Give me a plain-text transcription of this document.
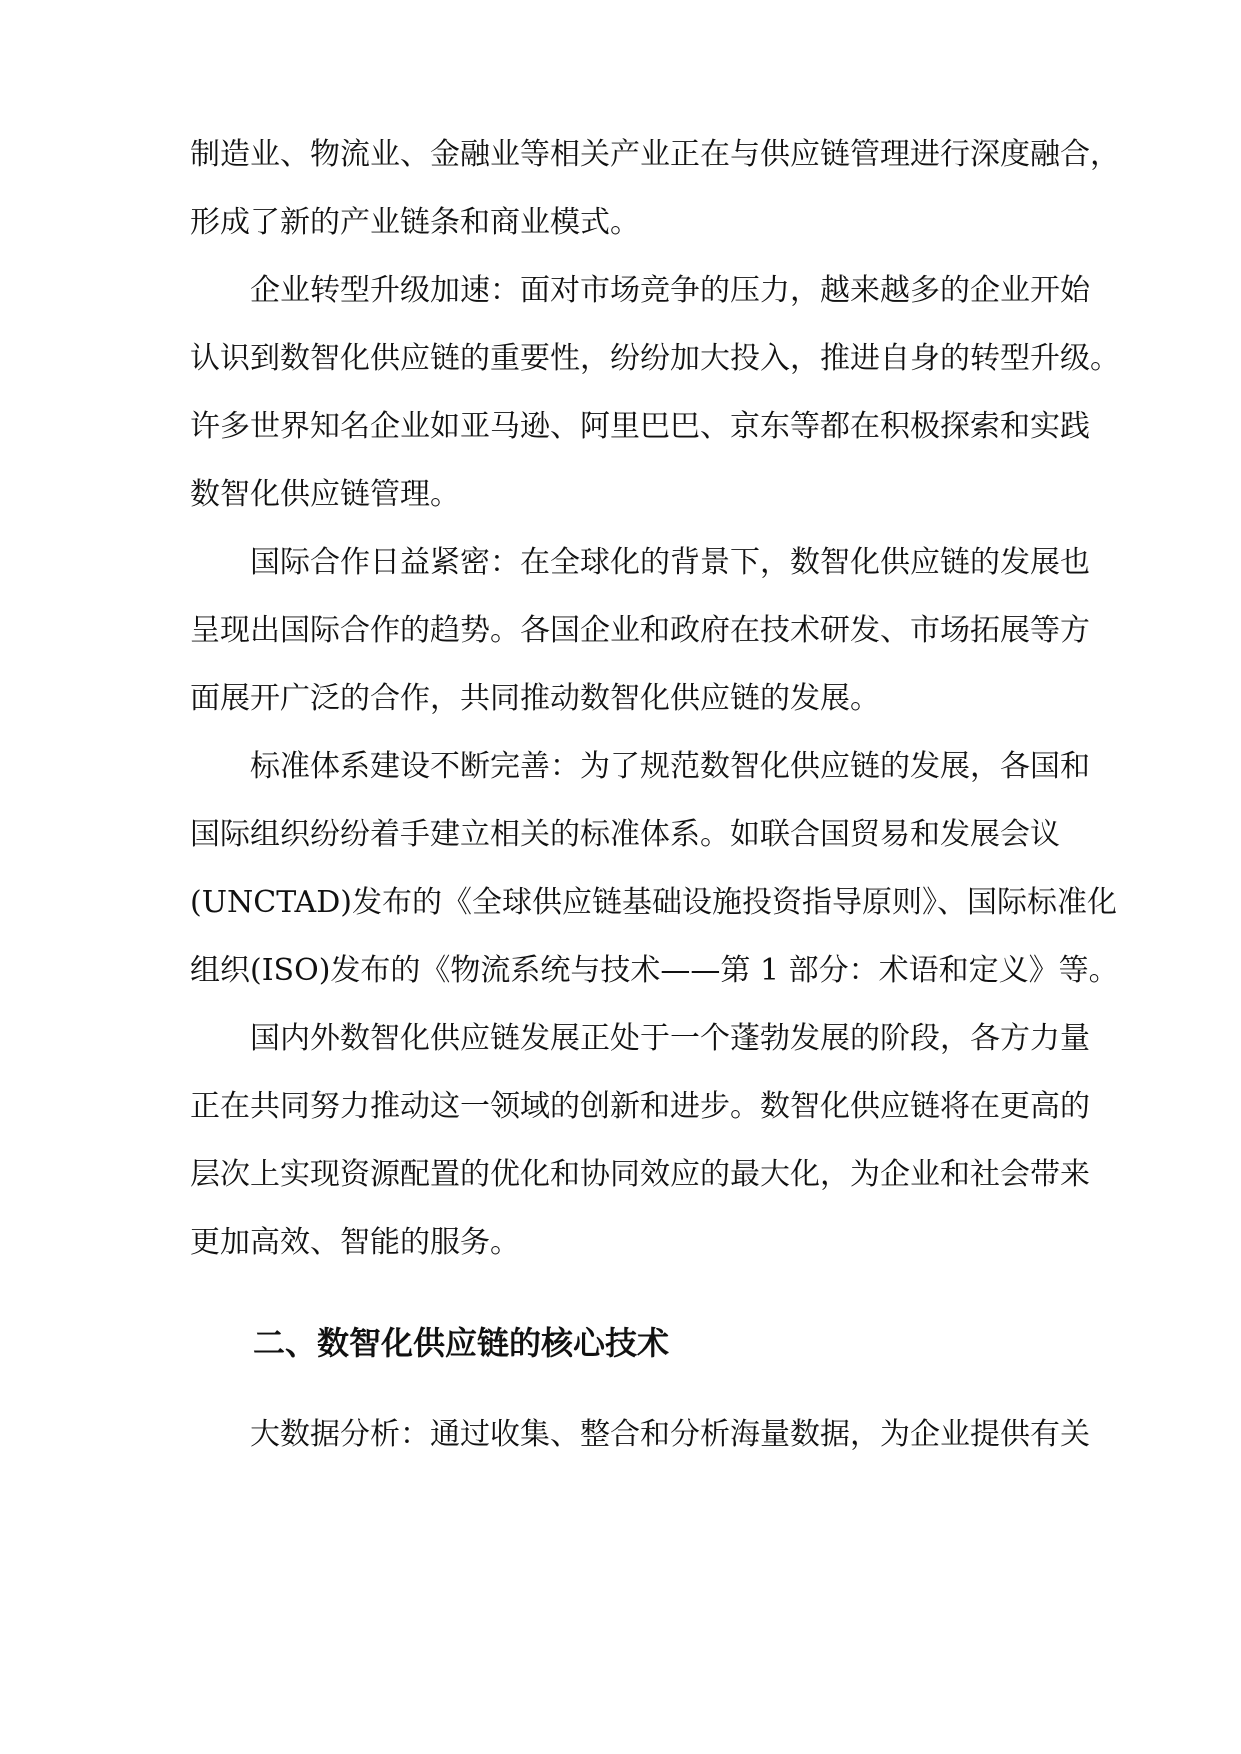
制造业、物流业、金融业等相关产业正在与供应链管理进行深度融合，
形成了新的产业链条和商业模式。
　　企业转型升级加速：面对市场竞争的压力，越来越多的企业开始
认识到数智化供应链的重要性，纷纷加大投入，推进自身的转型升级。
许多世界知名企业如亚马逊、阿里巴巴、京东等都在积极探索和实践
数智化供应链管理。
　　国际合作日益紧密：在全球化的背景下，数智化供应链的发展也
呈现出国际合作的趋势。各国企业和政府在技术研发、市场拓展等方
面展开广泛的合作，共同推动数智化供应链的发展。
　　标准体系建设不断完善：为了规范数智化供应链的发展，各国和
国际组织纷纷着手建立相关的标准体系。如联合国贸易和发展会议
(UNCTAD)发布的《全球供应链基础设施投资指导原则》、国际标准化
组织(ISO)发布的《物流系统与技术——第 1 部分：术语和定义》等。
　　国内外数智化供应链发展正处于一个蓬勃发展的阶段，各方力量
正在共同努力推动这一领域的创新和进步。数智化供应链将在更高的
层次上实现资源配置的优化和协同效应的最大化，为企业和社会带来
更加高效、智能的服务。
二、数智化供应链的核心技术
　　大数据分析：通过收集、整合和分析海量数据，为企业提供有关
